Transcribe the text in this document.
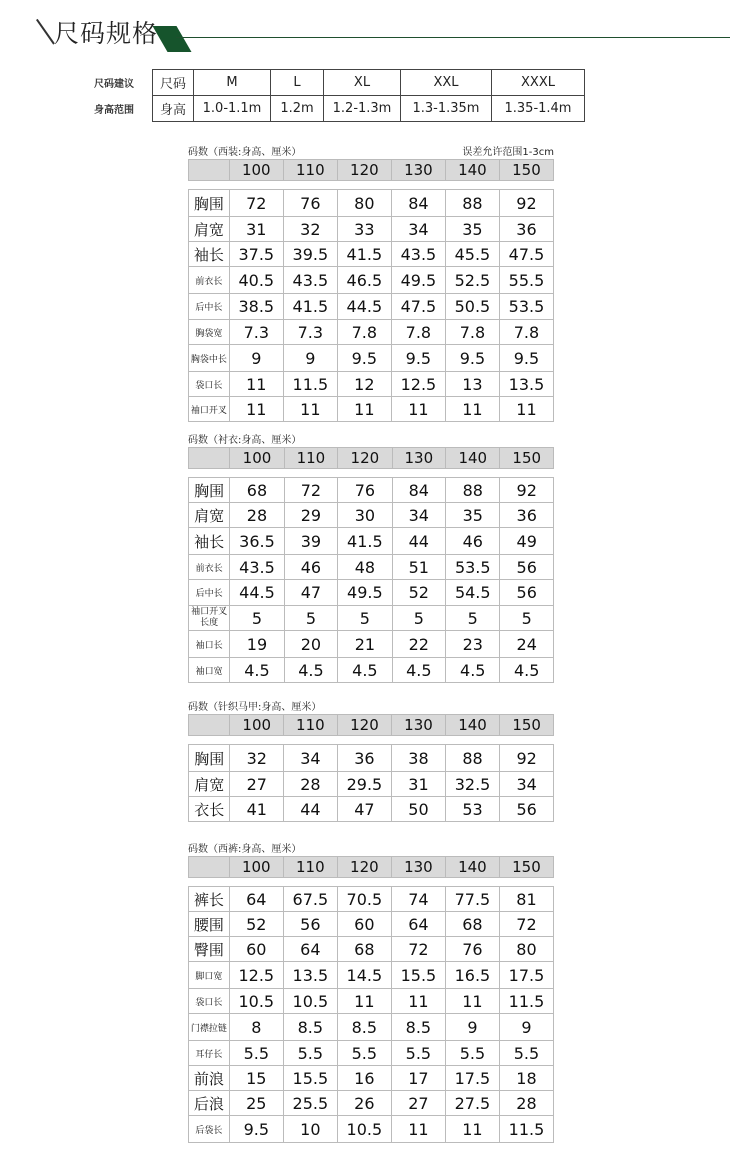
尺码规格
尺码建议	尺码	M	L	XL	XXL	XXXL
身高范围	身高	1.0-1.1m	1.2m	1.2-1.3m	1.3-1.35m	1.35-1.4m
码数（西装:身高、厘米）	误差允许范围1-3cm
	100	110	120	130	140	150

胸围	72	76	80	84	88	92
肩宽	31	32	33	34	35	36
袖长	37.5	39.5	41.5	43.5	45.5	47.5
前衣长	40.5	43.5	46.5	49.5	52.5	55.5
后中长	38.5	41.5	44.5	47.5	50.5	53.5
胸袋宽	7.3	7.3	7.8	7.8	7.8	7.8
胸袋中长	9	9	9.5	9.5	9.5	9.5
袋口长	11	11.5	12	12.5	13	13.5
袖口开叉	11	11	11	11	11	11
码数（衬衣:身高、厘米）
	100	110	120	130	140	150

胸围	68	72	76	84	88	92
肩宽	28	29	30	34	35	36
袖长	36.5	39	41.5	44	46	49
前衣长	43.5	46	48	51	53.5	56
后中长	44.5	47	49.5	52	54.5	56
袖口开叉长度	5	5	5	5	5	5
袖口长	19	20	21	22	23	24
袖口宽	4.5	4.5	4.5	4.5	4.5	4.5
码数（针织马甲:身高、厘米）
	100	110	120	130	140	150

胸围	32	34	36	38	88	92
肩宽	27	28	29.5	31	32.5	34
衣长	41	44	47	50	53	56
码数（西裤:身高、厘米）
	100	110	120	130	140	150

裤长	64	67.5	70.5	74	77.5	81
腰围	52	56	60	64	68	72
臀围	60	64	68	72	76	80
脚口宽	12.5	13.5	14.5	15.5	16.5	17.5
袋口长	10.5	10.5	11	11	11	11.5
门襟拉链	8	8.5	8.5	8.5	9	9
耳仔长	5.5	5.5	5.5	5.5	5.5	5.5
前浪	15	15.5	16	17	17.5	18
后浪	25	25.5	26	27	27.5	28
后袋长	9.5	10	10.5	11	11	11.5
